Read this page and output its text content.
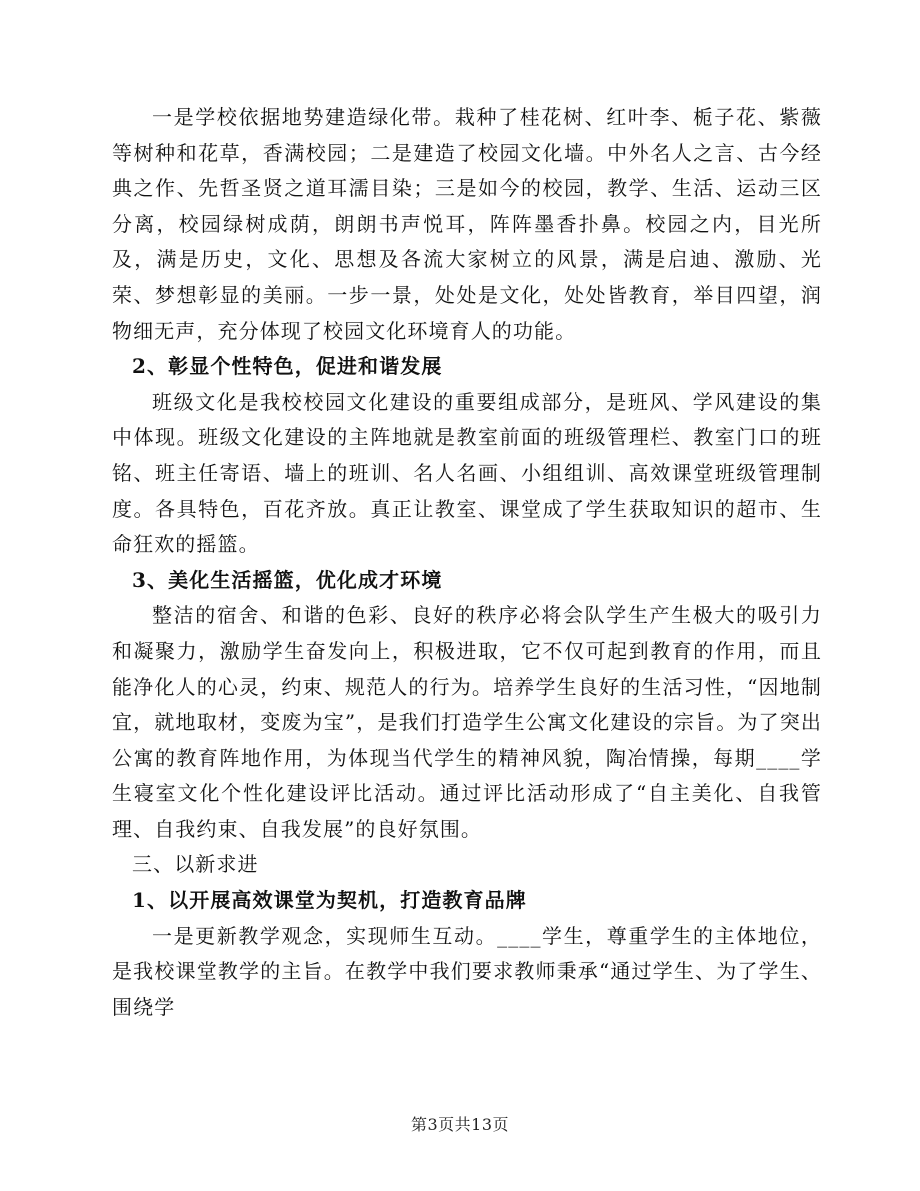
一是学校依据地势建造绿化带。栽种了桂花树、红叶李、栀子花、紫薇等树种和花草，香满校园；二是建造了校园文化墙。中外名人之言、古今经典之作、先哲圣贤之道耳濡目染；三是如今的校园，教学、生活、运动三区分离，校园绿树成荫，朗朗书声悦耳，阵阵墨香扑鼻。校园之内，目光所及，满是历史，文化、思想及各流大家树立的风景，满是启迪、激励、光荣、梦想彰显的美丽。一步一景，处处是文化，处处皆教育，举目四望，润物细无声，充分体现了校园文化环境育人的功能。

2、彰显个性特色，促进和谐发展

班级文化是我校校园文化建设的重要组成部分，是班风、学风建设的集中体现。班级文化建设的主阵地就是教室前面的班级管理栏、教室门口的班铭、班主任寄语、墙上的班训、名人名画、小组组训、高效课堂班级管理制度。各具特色，百花齐放。真正让教室、课堂成了学生获取知识的超市、生命狂欢的摇篮。

3、美化生活摇篮，优化成才环境

整洁的宿舍、和谐的色彩、良好的秩序必将会队学生产生极大的吸引力和凝聚力，激励学生奋发向上，积极进取，它不仅可起到教育的作用，而且能净化人的心灵，约束、规范人的行为。培养学生良好的生活习性，“因地制宜，就地取材，变废为宝”，是我们打造学生公寓文化建设的宗旨。为了突出公寓的教育阵地作用，为体现当代学生的精神风貌，陶冶情操，每期____学生寝室文化个性化建设评比活动。通过评比活动形成了“自主美化、自我管理、自我约束、自我发展”的良好氛围。

三、以新求进

1、以开展高效课堂为契机，打造教育品牌

一是更新教学观念，实现师生互动。____学生，尊重学生的主体地位，是我校课堂教学的主旨。在教学中我们要求教师秉承“通过学生、为了学生、围绕学

第3页共13页
